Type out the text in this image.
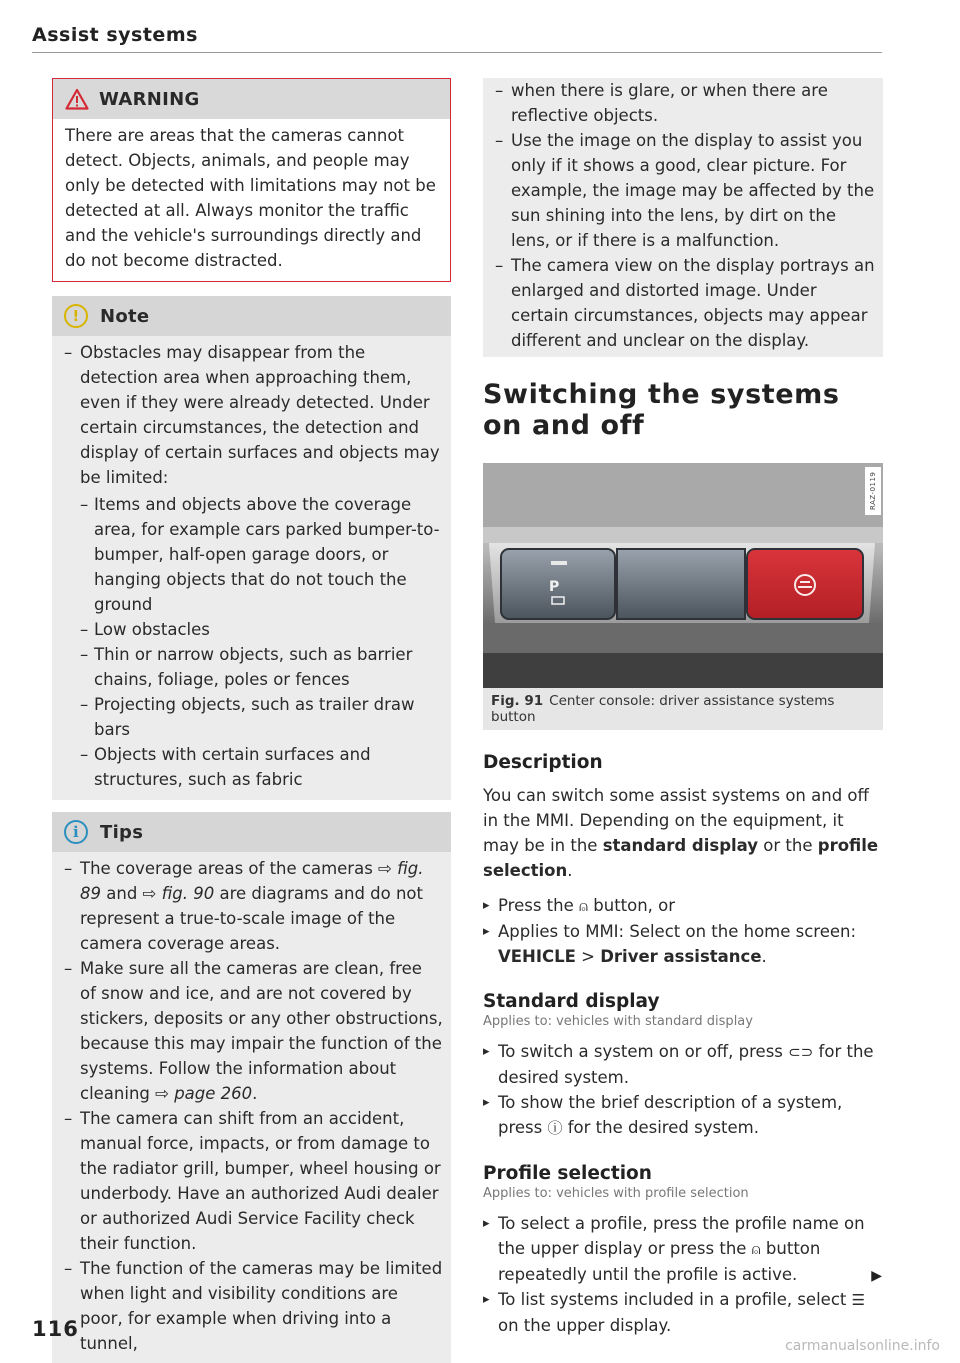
Assist systems
WARNING
There are areas that the cameras cannot detect. Objects, animals, and people may only be detected with limitations may not be detected at all. Always monitor the traffic and the vehicle's surroundings directly and do not become distracted.
!	Note
– Obstacles may disappear from the detection area when approaching them, even if they were already detected. Under certain circumstances, the detection and display of certain surfaces and objects may be limited:
– Items and objects above the coverage area, for example cars parked bumper-to-bumper, half-open garage doors, or hanging objects that do not touch the ground
– Low obstacles
– Thin or narrow objects, such as barrier chains, foliage, poles or fences
– Projecting objects, such as trailer draw bars
– Objects with certain surfaces and structures, such as fabric
i	Tips
– The coverage areas of the cameras ⇨ fig. 89 and ⇨ fig. 90 are diagrams and do not represent a true-to-scale image of the camera coverage areas.
– Make sure all the cameras are clean, free of snow and ice, and are not covered by stickers, deposits or any other obstructions, because this may impair the function of the systems. Follow the information about cleaning ⇨ page 260.
– The camera can shift from an accident, manual force, impacts, or from damage to the radiator grill, bumper, wheel housing or underbody. Have an authorized Audi dealer or authorized Audi Service Facility check their function.
– The function of the cameras may be limited when light and visibility conditions are poor, for example when driving into a tunnel,
– when there is glare, or when there are reflective objects.
– Use the image on the display to assist you only if it shows a good, clear picture. For example, the image may be affected by the sun shining into the lens, by dirt on the lens, or if there is a malfunction.
– The camera view on the display portrays an enlarged and distorted image. Under certain circumstances, objects may appear different and unclear on the display.
Switching the systems on and off
P
RAZ-0119
Fig. 91 Center console: driver assistance systems button
Description

You can switch some assist systems on and off in the MMI. Depending on the equipment, it may be in the standard display or the profile selection.

▸ Press the ⍝ button, or
▸ Applies to MMI: Select on the home screen: VEHICLE > Driver assistance.
Standard display

Applies to: vehicles with standard display

▸ To switch a system on or off, press ⊂⊃ for the desired system.
▸ To show the brief description of a system, press ⓘ for the desired system.
Profile selection

Applies to: vehicles with profile selection

▸ To select a profile, press the profile name on the upper display or press the ⍝ button repeatedly until the profile is active.
▸ To list systems included in a profile, select ☰ on the upper display.
▶
116
carmanualsonline.info
